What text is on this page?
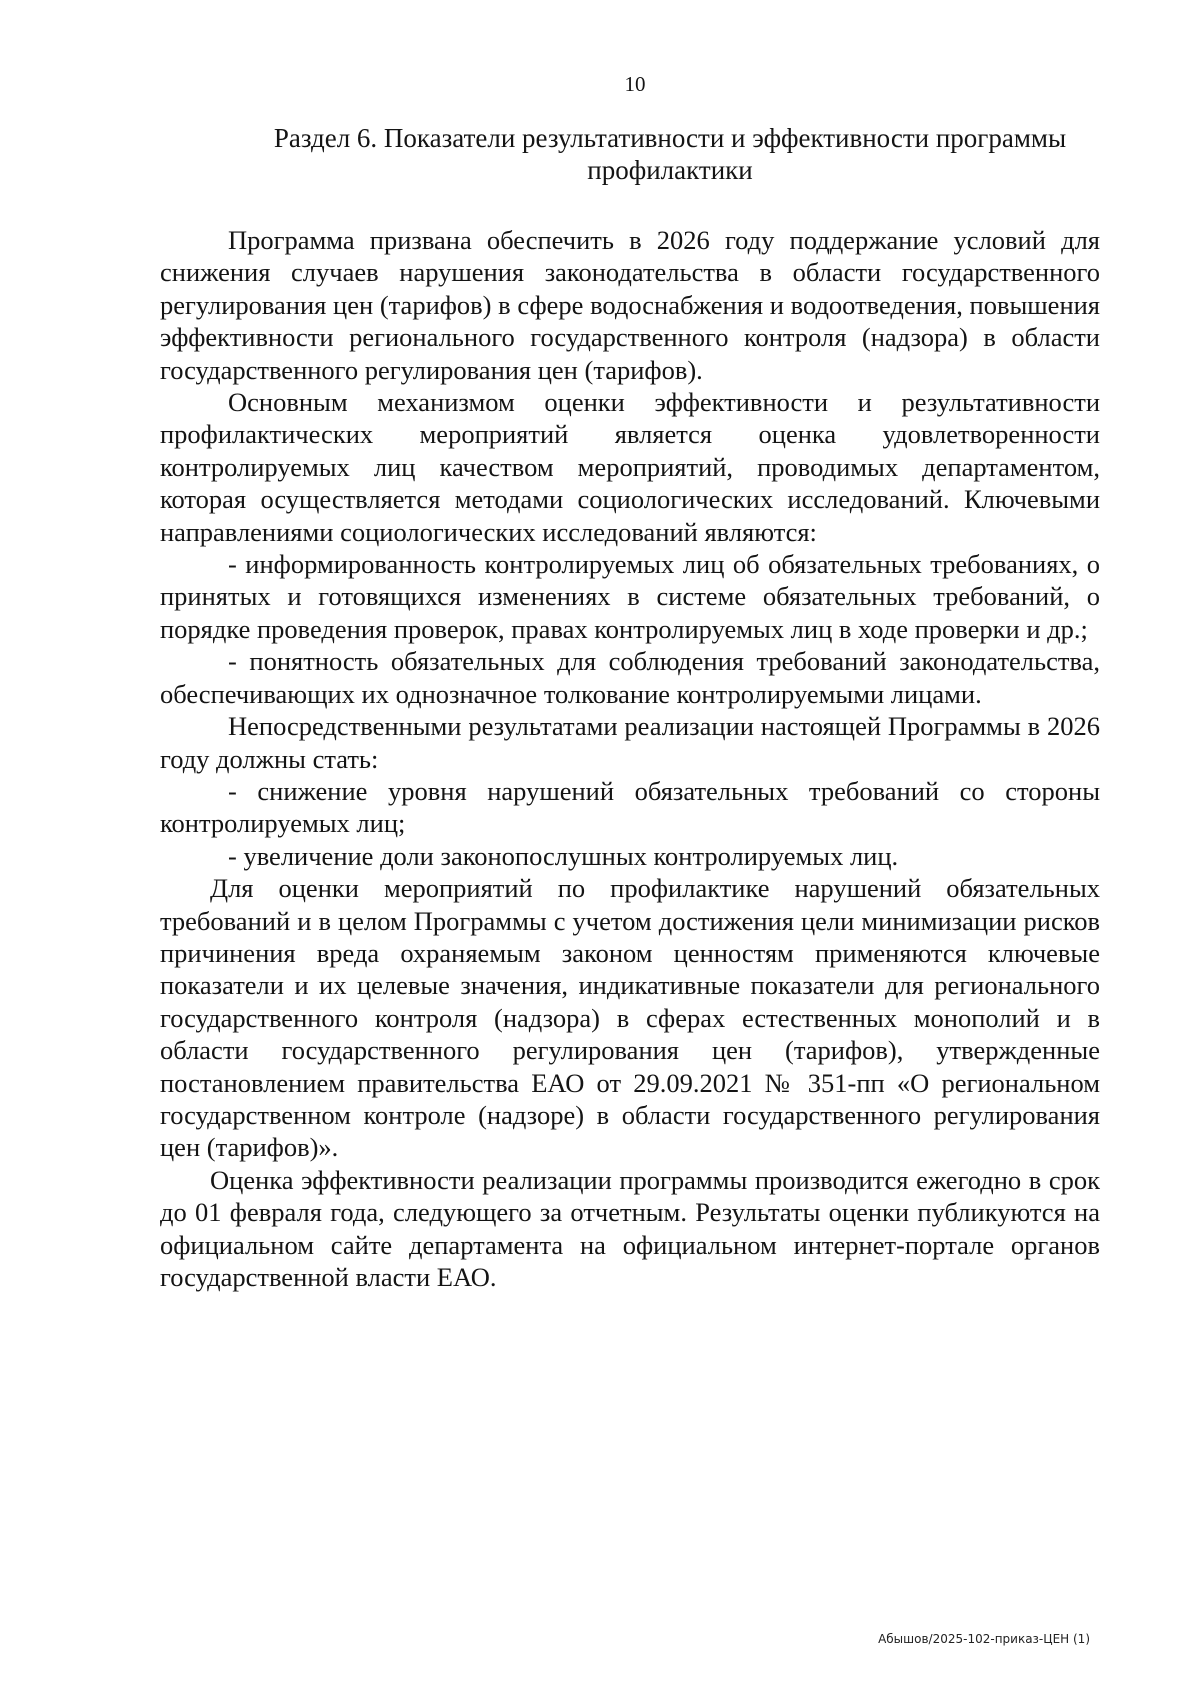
10
Раздел 6. Показатели результативности и эффективности программы профилактики

Программа призвана обеспечить в 2026 году поддержание условий для снижения случаев нарушения законодательства в области государственного регулирования цен (тарифов) в сфере водоснабжения и водоотведения, повышения эффективности регионального государственного контроля (надзора) в области государственного регулирования цен (тарифов).

Основным механизмом оценки эффективности и результативности профилактических мероприятий является оценка удовлетворенности контролируемых лиц качеством мероприятий, проводимых департаментом, которая осуществляется методами социологических исследований. Ключевыми направлениями социологических исследований являются:

- информированность контролируемых лиц об обязательных требованиях, о принятых и готовящихся изменениях в системе обязательных требований, о порядке проведения проверок, правах контролируемых лиц в ходе проверки и др.;

- понятность обязательных для соблюдения требований законодательства, обеспечивающих их однозначное толкование контролируемыми лицами.

Непосредственными результатами реализации настоящей Программы в 2026 году должны стать:

- снижение уровня нарушений обязательных требований со стороны контролируемых лиц;

- увеличение доли законопослушных контролируемых лиц.

Для оценки мероприятий по профилактике нарушений обязательных требований и в целом Программы с учетом достижения цели минимизации рисков причинения вреда охраняемым законом ценностям применяются ключевые показатели и их целевые значения, индикативные показатели для регионального государственного контроля (надзора) в сферах естественных монополий и в области государственного регулирования цен (тарифов), утвержденные постановлением правительства ЕАО от 29.09.2021 № 351-пп «О региональном государственном контроле (надзоре) в области государственного регулирования цен (тарифов)».

Оценка эффективности реализации программы производится ежегодно в срок до 01 февраля года, следующего за отчетным. Результаты оценки публикуются на официальном сайте департамента на официальном интернет-портале органов государственной власти ЕАО.

Абышов/2025-102-приказ-ЦЕН (1)
